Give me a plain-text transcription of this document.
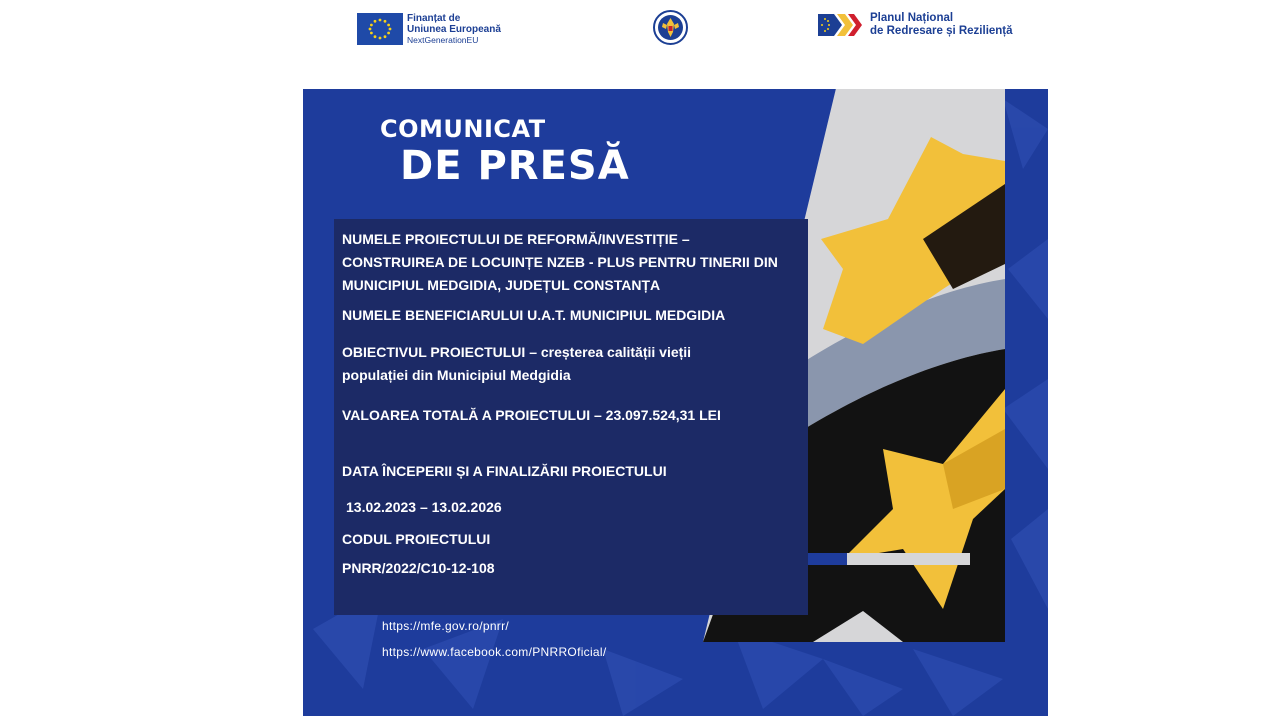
Finanțat de
Uniunea Europeană
NextGenerationEU
Planul Național
de Redresare și Reziliență
COMUNICAT
DE PRESĂ
NUMELE PROIECTULUI DE REFORMĂ/INVESTIȚIE –
CONSTRUIREA DE LOCUINȚE NZEB - PLUS PENTRU TINERII DIN
MUNICIPIUL MEDGIDIA, JUDEȚUL CONSTANȚA
NUMELE BENEFICIARULUI U.A.T. MUNICIPIUL MEDGIDIA
OBIECTIVUL PROIECTULUI – creșterea calității vieții
populației din Municipiul Medgidia
VALOAREA TOTALĂ A PROIECTULUI – 23.097.524,31 LEI
DATA ÎNCEPERII ȘI A FINALIZĂRII PROIECTULUI
13.02.2023 – 13.02.2026
CODUL PROIECTULUI
PNRR/2022/C10-12-108
https://mfe.gov.ro/pnrr/
https://www.facebook.com/PNRROficial/
